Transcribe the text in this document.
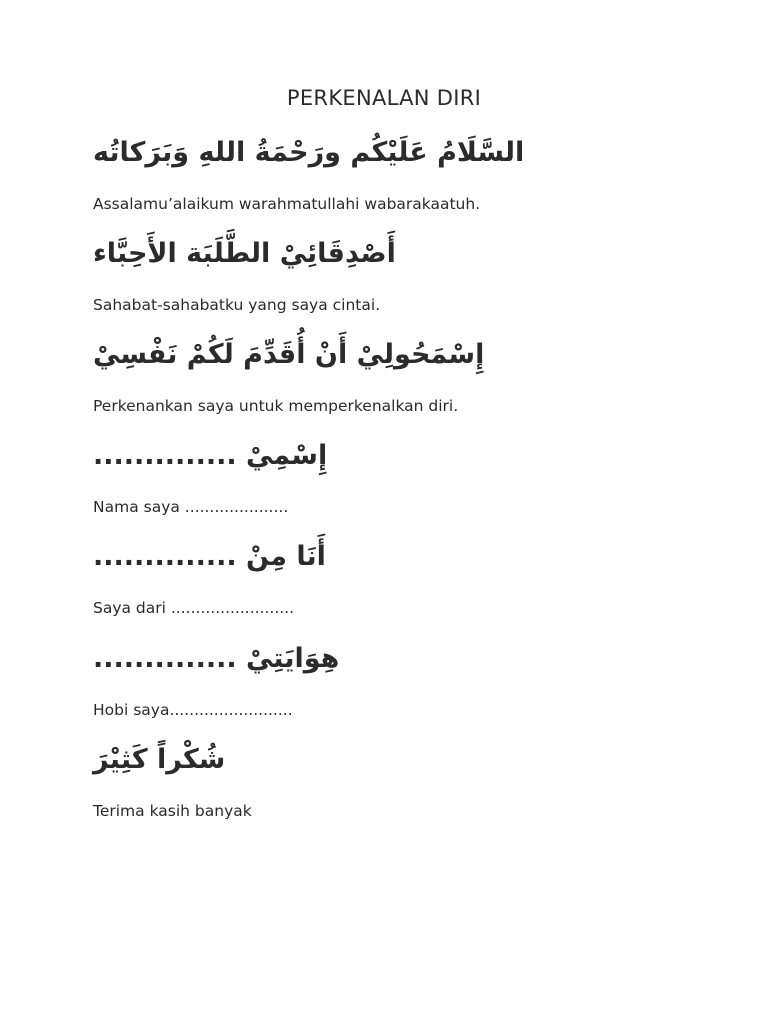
PERKENALAN DIRI
السَّلَامُ عَلَيْكُم ورَحْمَةُ اللهِ وَبَرَكاتُه
Assalamu’alaikum warahmatullahi wabarakaatuh.
أَصْدِقَائِيْ الطَّلَبَة الأَحِبَّاء
Sahabat-sahabatku yang saya cintai.
إِسْمَحُولِيْ أَنْ أُقَدِّمَ لَكُمْ نَفْسِيْ
Perkenankan saya untuk memperkenalkan diri.
إِسْمِيْ ..............
Nama saya .....................
أَنَا مِنْ ..............
Saya dari .........................
هِوَايَتِيْ ..............
Hobi saya.........................
شُكْراً كَثِيْرَ
Terima kasih banyak
